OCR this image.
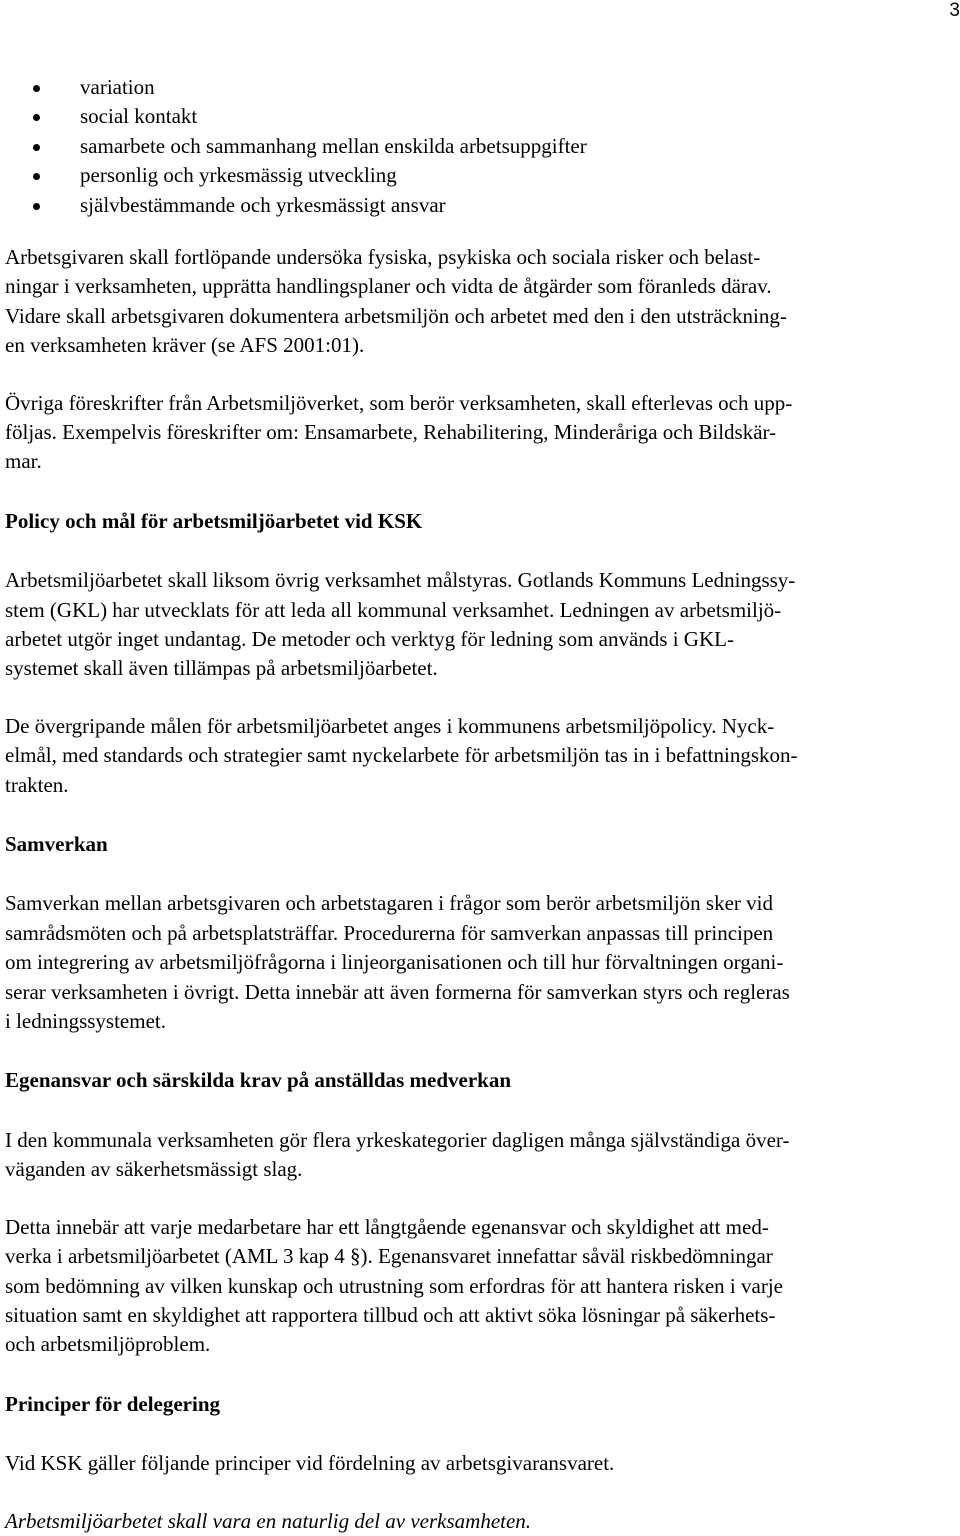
3
variation
social kontakt
samarbete och sammanhang mellan enskilda arbetsuppgifter
personlig och yrkesmässig utveckling
självbestämmande och yrkesmässigt ansvar

Arbetsgivaren skall fortlöpande undersöka fysiska, psykiska och sociala risker och belast-
ningar i verksamheten, upprätta handlingsplaner och vidta de åtgärder som föranleds därav.
Vidare skall arbetsgivaren dokumentera arbetsmiljön och arbetet med den i den utsträckning-
en verksamheten kräver (se AFS 2001:01).

Övriga föreskrifter från Arbetsmiljöverket, som berör verksamheten, skall efterlevas och upp-
följas. Exempelvis föreskrifter om: Ensamarbete, Rehabilitering, Minderåriga och Bildskär-
mar.

Policy och mål för arbetsmiljöarbetet vid KSK

Arbetsmiljöarbetet skall liksom övrig verksamhet målstyras. Gotlands Kommuns Ledningssy-
stem (GKL) har utvecklats för att leda all kommunal verksamhet. Ledningen av arbetsmiljö-
arbetet utgör inget undantag. De metoder och verktyg för ledning som används i GKL-
systemet skall även tillämpas på arbetsmiljöarbetet.

De övergripande målen för arbetsmiljöarbetet anges i kommunens arbetsmiljöpolicy. Nyck-
elmål, med standards och strategier samt nyckelarbete för arbetsmiljön tas in i befattningskon-
trakten.

Samverkan

Samverkan mellan arbetsgivaren och arbetstagaren i frågor som berör arbetsmiljön sker vid
samrådsmöten och på arbetsplatsträffar. Procedurerna för samverkan anpassas till principen
om integrering av arbetsmiljöfrågorna i linjeorganisationen och till hur förvaltningen organi-
serar verksamheten i övrigt. Detta innebär att även formerna för samverkan styrs och regleras
i ledningssystemet.

Egenansvar och särskilda krav på anställdas medverkan

I den kommunala verksamheten gör flera yrkeskategorier dagligen många självständiga över-
väganden av säkerhetsmässigt slag.

Detta innebär att varje medarbetare har ett långtgående egenansvar och skyldighet att med-
verka i arbetsmiljöarbetet (AML 3 kap 4 §). Egenansvaret innefattar såväl riskbedömningar
som bedömning av vilken kunskap och utrustning som erfordras för att hantera risken i varje
situation samt en skyldighet att rapportera tillbud och att aktivt söka lösningar på säkerhets-
och arbetsmiljöproblem.

Principer för delegering

Vid KSK gäller följande principer vid fördelning av arbetsgivaransvaret.

Arbetsmiljöarbetet skall vara en naturlig del av verksamheten.
